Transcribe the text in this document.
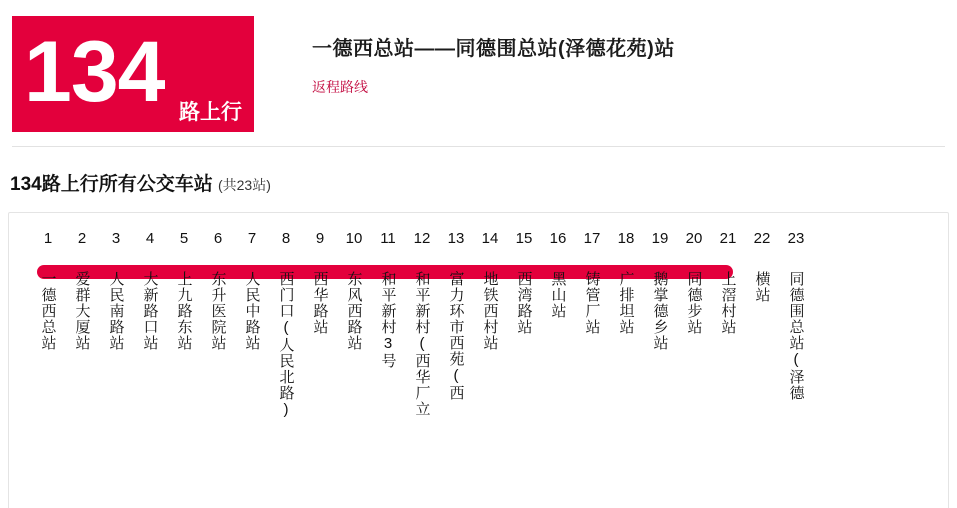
134 路上行
一德西总站——同德围总站(泽德花苑)站
返程路线
134路上行所有公交车站 (共23站)
1
一德西总站
2
爱群大厦站
3
人民南路站
4
大新路口站
5
上九路东站
6
东升医院站
7
人民中路站
8
西门口(人民北路)
9
西华路站
10
东风西路站
11
和平新村3号
12
和平新村(西华厂立
13
富力环市西苑(西
14
地铁西村站
15
西湾路站
16
黑山站
17
铸管厂站
18
广排坦站
19
鹅掌德乡站
20
同德步站
21
上滘村站
22
横站
23
同德围总站(泽德
